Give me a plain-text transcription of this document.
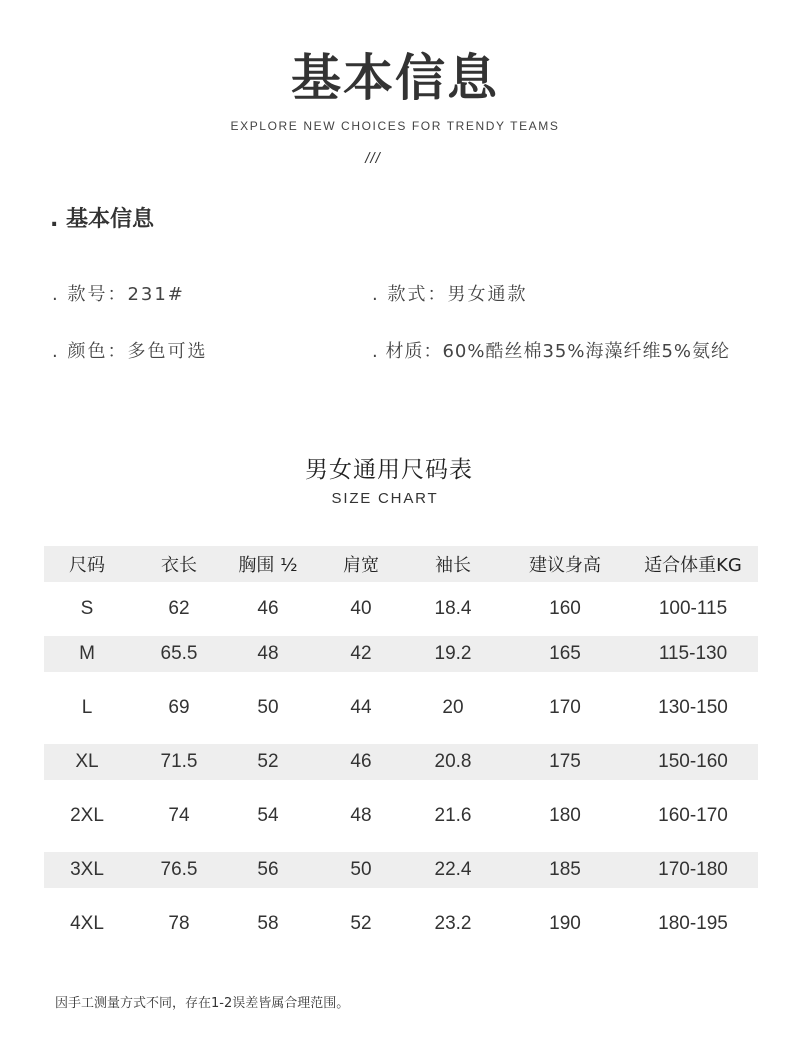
基本信息
EXPLORE NEW CHOICES FOR TRENDY TEAMS
///
. 基本信息
. 款号：231#	. 款式：男女通款
. 颜色：多色可选	. 材质：60%酷丝棉35%海藻纤维5%氨纶
男女通用尺码表
SIZE CHART
尺码	衣长	胸围 ½	肩宽	袖长	建议身高	适合体重KG
S	62	46	40	18.4	160	100-115
M	65.5	48	42	19.2	165	115-130
L	69	50	44	20	170	130-150
XL	71.5	52	46	20.8	175	150-160
2XL	74	54	48	21.6	180	160-170
3XL	76.5	56	50	22.4	185	170-180
4XL	78	58	52	23.2	190	180-195
因手工测量方式不同，存在1-2误差皆属合理范围。
